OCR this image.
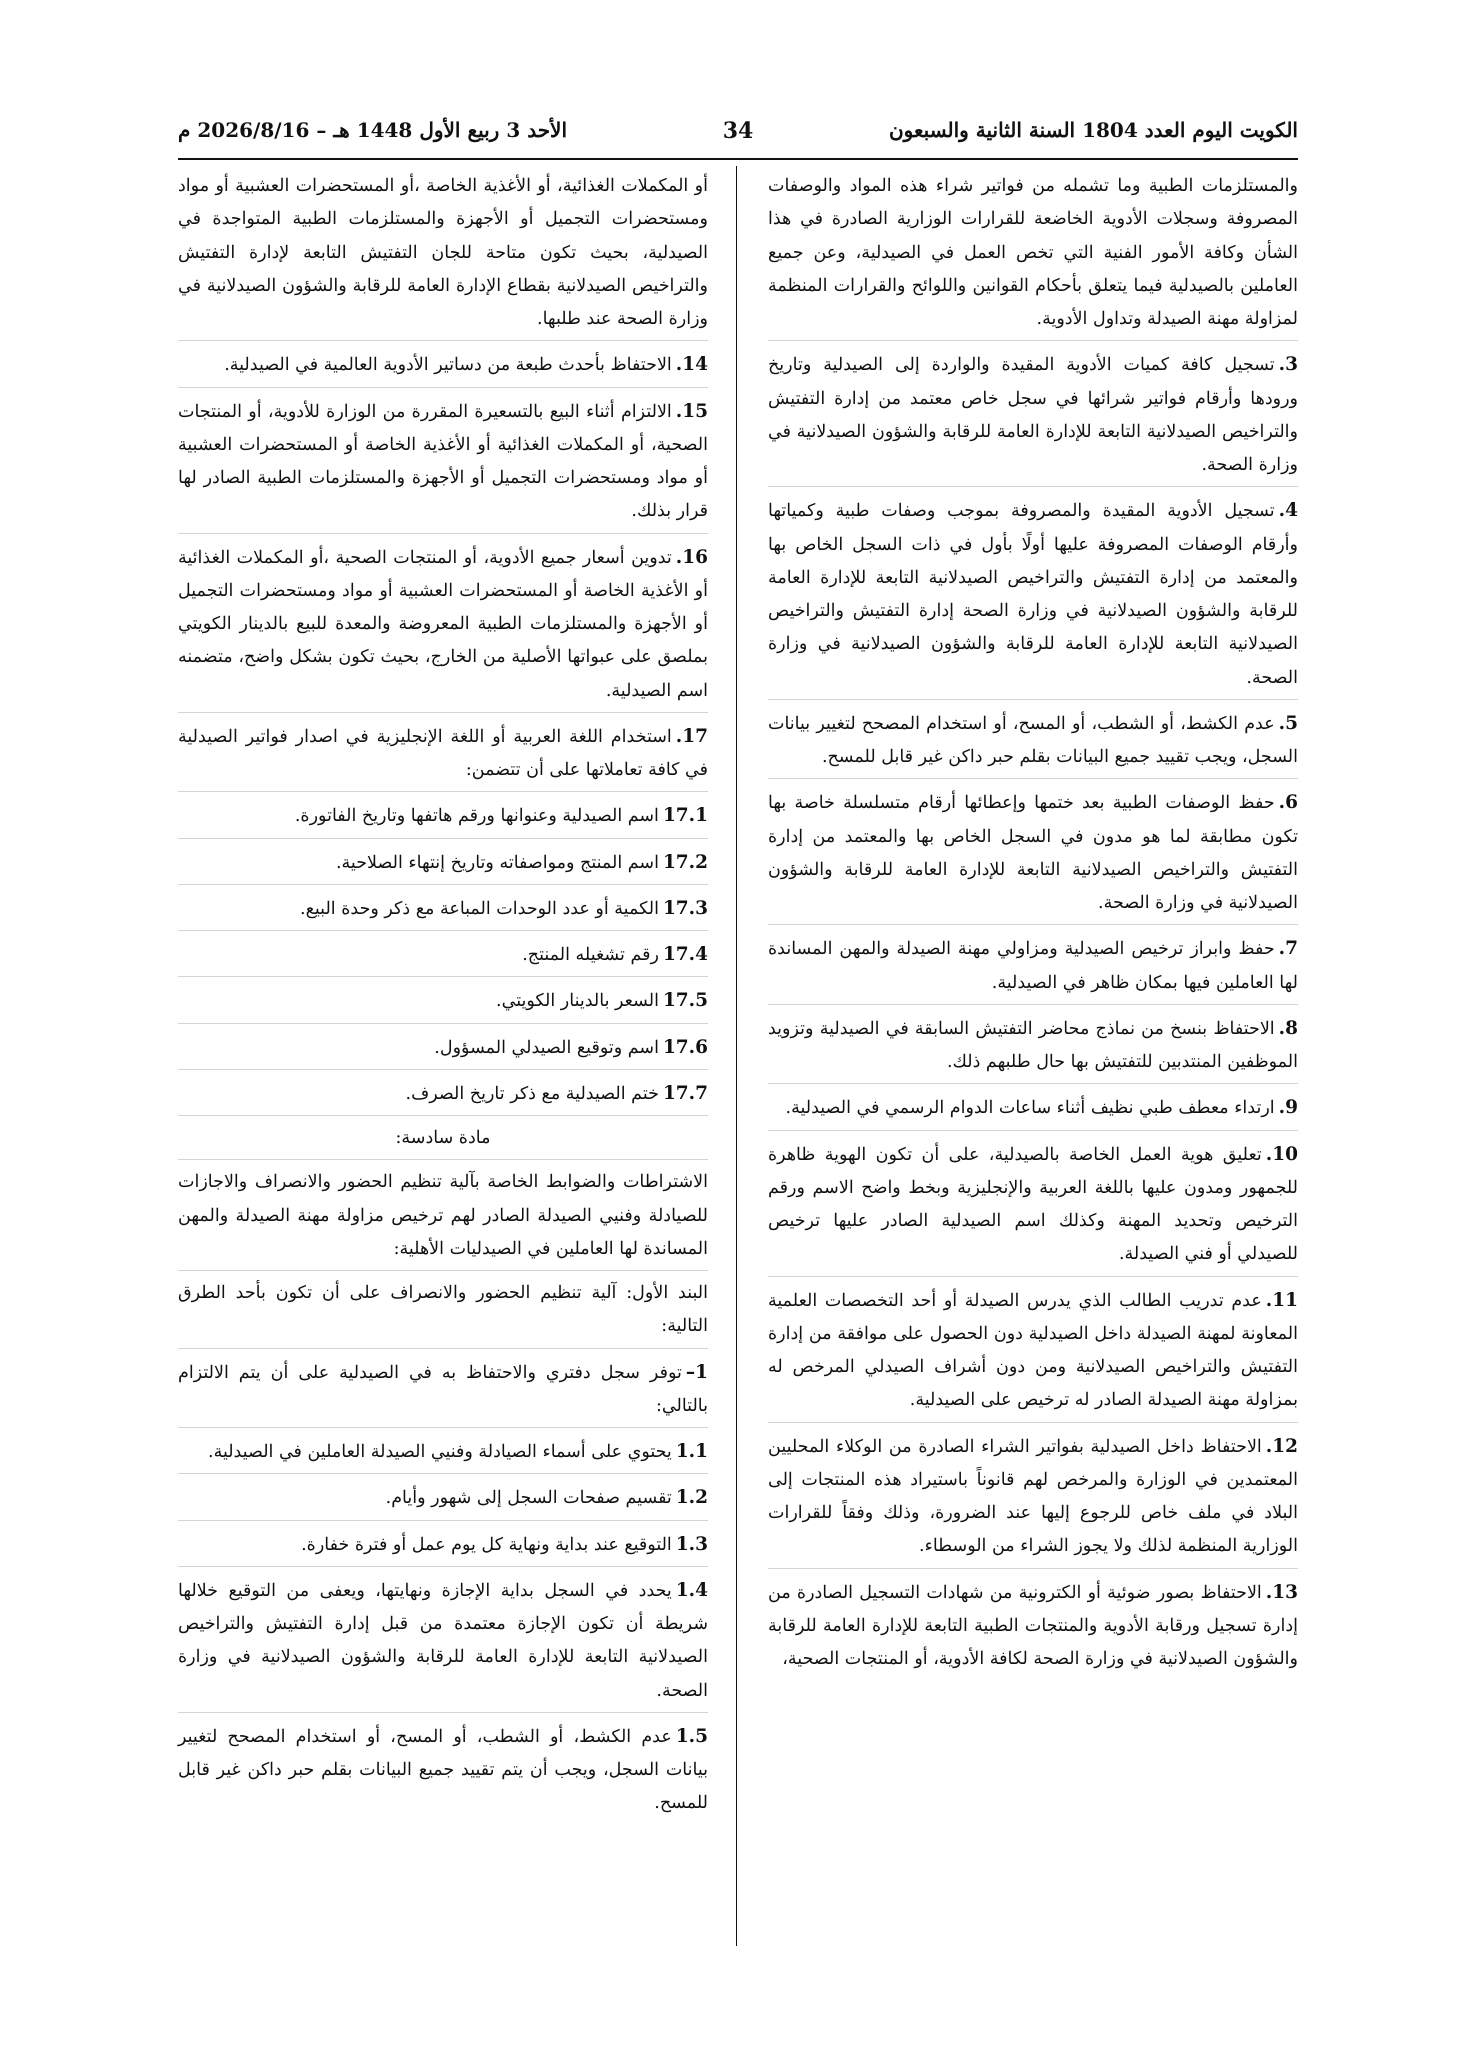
الكويت اليوم العدد 1804 السنة الثانية والسبعون
34
الأحد 3 ربيع الأول 1448 هـ – 2026/8/16 م

والمستلزمات الطبية وما تشمله من فواتير شراء هذه المواد والوصفات المصروفة وسجلات الأدوية الخاضعة للقرارات الوزارية الصادرة في هذا الشأن وكافة الأمور الفنية التي تخص العمل في الصيدلية، وعن جميع العاملين بالصيدلية فيما يتعلق بأحكام القوانين واللوائح والقرارات المنظمة لمزاولة مهنة الصيدلة وتداول الأدوية.

3.تسجيل كافة كميات الأدوية المقيدة والواردة إلى الصيدلية وتاريخ ورودها وأرقام فواتير شرائها في سجل خاص معتمد من إدارة التفتيش والتراخيص الصيدلانية التابعة للإدارة العامة للرقابة والشؤون الصيدلانية في وزارة الصحة.

4.تسجيل الأدوية المقيدة والمصروفة بموجب وصفات طبية وكمياتها وأرقام الوصفات المصروفة عليها أولًا بأول في ذات السجل الخاص بها والمعتمد من إدارة التفتيش والتراخيص الصيدلانية التابعة للإدارة العامة للرقابة والشؤون الصيدلانية في وزارة الصحة إدارة التفتيش والتراخيص الصيدلانية التابعة للإدارة العامة للرقابة والشؤون الصيدلانية في وزارة الصحة.

5.عدم الكشط، أو الشطب، أو المسح، أو استخدام المصحح لتغيير بيانات السجل، ويجب تقييد جميع البيانات بقلم حبر داكن غير قابل للمسح.

6.حفظ الوصفات الطبية بعد ختمها وإعطائها أرقام متسلسلة خاصة بها تكون مطابقة لما هو مدون في السجل الخاص بها والمعتمد من إدارة التفتيش والتراخيص الصيدلانية التابعة للإدارة العامة للرقابة والشؤون الصيدلانية في وزارة الصحة.

7.حفظ وابراز ترخيص الصيدلية ومزاولي مهنة الصيدلة والمهن المساندة لها العاملين فيها بمكان ظاهر في الصيدلية.

8.الاحتفاظ بنسخ من نماذج محاضر التفتيش السابقة في الصيدلية وتزويد الموظفين المنتدبين للتفتيش بها حال طلبهم ذلك.

9.ارتداء معطف طبي نظيف أثناء ساعات الدوام الرسمي في الصيدلية.

10.تعليق هوية العمل الخاصة بالصيدلية، على أن تكون الهوية ظاهرة للجمهور ومدون عليها باللغة العربية والإنجليزية وبخط واضح الاسم ورقم الترخيص وتحديد المهنة وكذلك اسم الصيدلية الصادر عليها ترخيص للصيدلي أو فني الصيدلة.

11.عدم تدريب الطالب الذي يدرس الصيدلة أو أحد التخصصات العلمية المعاونة لمهنة الصيدلة داخل الصيدلية دون الحصول على موافقة من إدارة التفتيش والتراخيص الصيدلانية ومن دون أشراف الصيدلي المرخص له بمزاولة مهنة الصيدلة الصادر له ترخيص على الصيدلية.

12.الاحتفاظ داخل الصيدلية بفواتير الشراء الصادرة من الوكلاء المحليين المعتمدين في الوزارة والمرخص لهم قانوناً باستيراد هذه المنتجات إلى البلاد في ملف خاص للرجوع إليها عند الضرورة، وذلك وفقاً للقرارات الوزارية المنظمة لذلك ولا يجوز الشراء من الوسطاء.

13.الاحتفاظ بصور ضوئية أو الكترونية من شهادات التسجيل الصادرة من إدارة تسجيل ورقابة الأدوية والمنتجات الطبية التابعة للإدارة العامة للرقابة والشؤون الصيدلانية في وزارة الصحة لكافة الأدوية، أو المنتجات الصحية،

أو المكملات الغذائية، أو الأغذية الخاصة ،أو المستحضرات العشبية أو مواد ومستحضرات التجميل أو الأجهزة والمستلزمات الطبية المتواجدة في الصيدلية، بحيث تكون متاحة للجان التفتيش التابعة لإدارة التفتيش والتراخيص الصيدلانية بقطاع الإدارة العامة للرقابة والشؤون الصيدلانية في وزارة الصحة عند طلبها.

14.الاحتفاظ بأحدث طبعة من دساتير الأدوية العالمية في الصيدلية.

15.الالتزام أثناء البيع بالتسعيرة المقررة من الوزارة للأدوية، أو المنتجات الصحية، أو المكملات الغذائية أو الأغذية الخاصة أو المستحضرات العشبية أو مواد ومستحضرات التجميل أو الأجهزة والمستلزمات الطبية الصادر لها قرار بذلك.

16.تدوين أسعار جميع الأدوية، أو المنتجات الصحية ،أو المكملات الغذائية أو الأغذية الخاصة أو المستحضرات العشبية أو مواد ومستحضرات التجميل أو الأجهزة والمستلزمات الطبية المعروضة والمعدة للبيع بالدينار الكويتي بملصق على عبواتها الأصلية من الخارج، بحيث تكون بشكل واضح، متضمنه اسم الصيدلية.

17.استخدام اللغة العربية أو اللغة الإنجليزية في اصدار فواتير الصيدلية في كافة تعاملاتها على أن تتضمن:

17.1اسم الصيدلية وعنوانها ورقم هاتفها وتاريخ الفاتورة.

17.2اسم المنتج ومواصفاته وتاريخ إنتهاء الصلاحية.

17.3الكمية أو عدد الوحدات المباعة مع ذكر وحدة البيع.

17.4رقم تشغيله المنتج.

17.5السعر بالدينار الكويتي.

17.6اسم وتوقيع الصيدلي المسؤول.

17.7ختم الصيدلية مع ذكر تاريخ الصرف.

مادة سادسة:

الاشتراطات والضوابط الخاصة بآلية تنظيم الحضور والانصراف والاجازات للصيادلة وفنيي الصيدلة الصادر لهم ترخيص مزاولة مهنة الصيدلة والمهن المساندة لها العاملين في الصيدليات الأهلية:

البند الأول: آلية تنظيم الحضور والانصراف على أن تكون بأحد الطرق التالية:

1–توفر سجل دفتري والاحتفاظ به في الصيدلية على أن يتم الالتزام بالتالي:

1.1يحتوي على أسماء الصيادلة وفنيي الصيدلة العاملين في الصيدلية.

1.2تقسيم صفحات السجل إلى شهور وأيام.

1.3التوقيع عند بداية ونهاية كل يوم عمل أو فترة خفارة.

1.4يحدد في السجل بداية الإجازة ونهايتها، ويعفى من التوقيع خلالها شريطة أن تكون الإجازة معتمدة من قبل إدارة التفتيش والتراخيص الصيدلانية التابعة للإدارة العامة للرقابة والشؤون الصيدلانية في وزارة الصحة.

1.5عدم الكشط، أو الشطب، أو المسح، أو استخدام المصحح لتغيير بيانات السجل، ويجب أن يتم تقييد جميع البيانات بقلم حبر داكن غير قابل للمسح.
